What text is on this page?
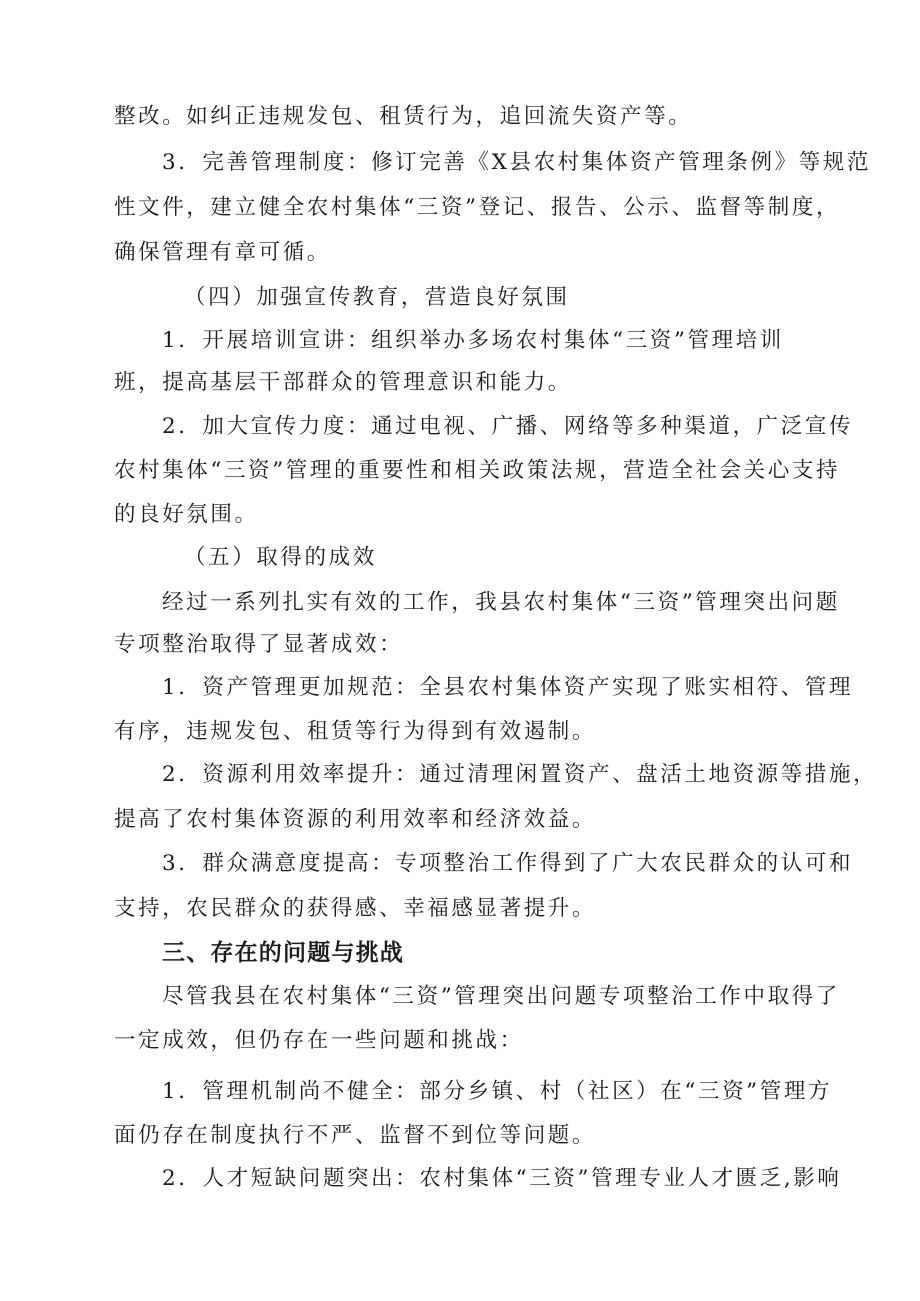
整改。如纠正违规发包、租赁行为，追回流失资产等。

3．完善管理制度：修订完善《X县农村集体资产管理条例》等规范

性文件，建立健全农村集体“三资”登记、报告、公示、监督等制度，

确保管理有章可循。

（四）加强宣传教育，营造良好氛围

1．开展培训宣讲：组织举办多场农村集体“三资”管理培训

班，提高基层干部群众的管理意识和能力。

2．加大宣传力度：通过电视、广播、网络等多种渠道，广泛宣传

农村集体“三资”管理的重要性和相关政策法规，营造全社会关心支持

的良好氛围。

（五）取得的成效

经过一系列扎实有效的工作，我县农村集体“三资”管理突出问题

专项整治取得了显著成效：

1．资产管理更加规范：全县农村集体资产实现了账实相符、管理

有序，违规发包、租赁等行为得到有效遏制。

2．资源利用效率提升：通过清理闲置资产、盘活土地资源等措施，

提高了农村集体资源的利用效率和经济效益。

3．群众满意度提高：专项整治工作得到了广大农民群众的认可和

支持，农民群众的获得感、幸福感显著提升。

三、存在的问题与挑战

尽管我县在农村集体“三资”管理突出问题专项整治工作中取得了

一定成效，但仍存在一些问题和挑战：

1．管理机制尚不健全：部分乡镇、村（社区）在“三资”管理方

面仍存在制度执行不严、监督不到位等问题。

2．人才短缺问题突出：农村集体“三资”管理专业人才匮乏,影响
